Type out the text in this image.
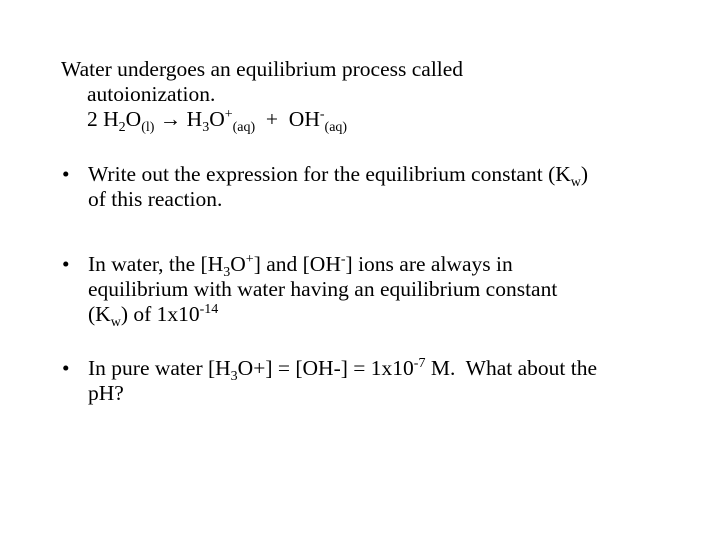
Water undergoes an equilibrium process called
autoionization.
2 $H_2O_{(l)} \to H_3O^+_{(aq)} + OH^-_{(aq)}$
• Write out the expression for the equilibrium constant $(K_w)$
of this reaction.
• In water, the $[H_3O^+]$ and [OH-] ions are always in
equilibrium with water having an equilibrium constant
$(K_w)$ of $1x10^{-14}$
• In pure water $[H_3O+] = [OH-] = 1x10^{-7}$ M.  What about the
pH?
